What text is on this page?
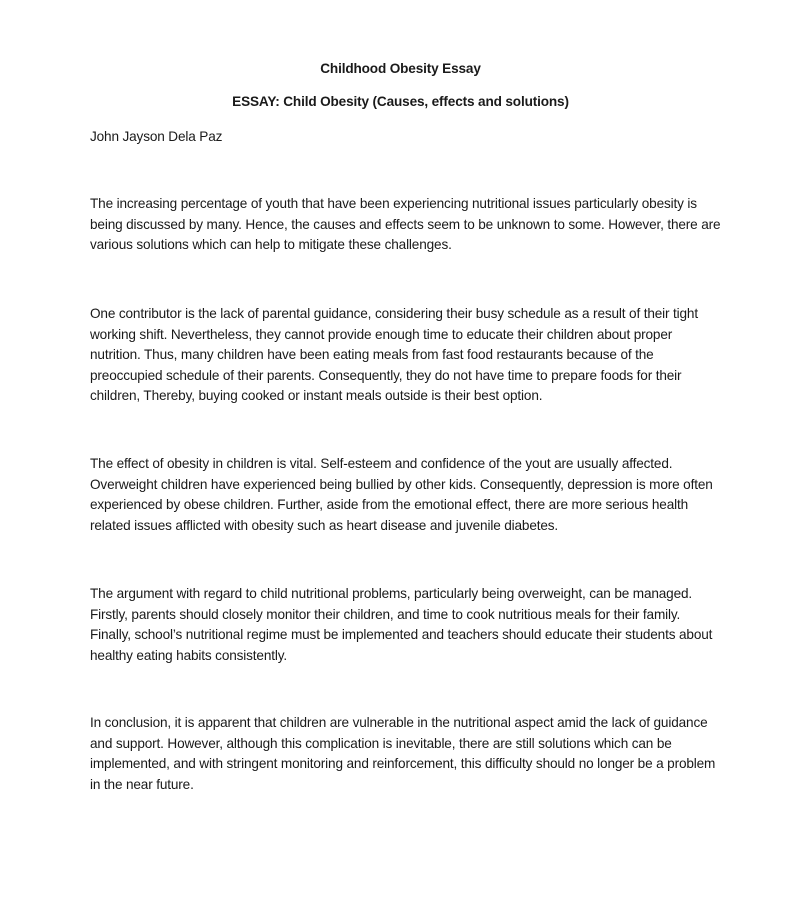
Childhood Obesity Essay

ESSAY: Child Obesity (Causes, effects and solutions)

John Jayson Dela Paz

The increasing percentage of youth that have been experiencing nutritional issues particularly obesity is being discussed by many. Hence, the causes and effects seem to be unknown to some. However, there are various solutions which can help to mitigate these challenges.

One contributor is the lack of parental guidance, considering their busy schedule as a result of their tight working shift. Nevertheless, they cannot provide enough time to educate their children about proper nutrition. Thus, many children have been eating meals from fast food restaurants because of the preoccupied schedule of their parents. Consequently, they do not have time to prepare foods for their children, Thereby, buying cooked or instant meals outside is their best option.

The effect of obesity in children is vital. Self-esteem and confidence of the yout are usually affected. Overweight children have experienced being bullied by other kids. Consequently, depression is more often experienced by obese children. Further, aside from the emotional effect, there are more serious health related issues afflicted with obesity such as heart disease and juvenile diabetes.

The argument with regard to child nutritional problems, particularly being overweight, can be managed. Firstly, parents should closely monitor their children, and time to cook nutritious meals for their family. Finally, school’s nutritional regime must be implemented and teachers should educate their students about healthy eating habits consistently.

In conclusion, it is apparent that children are vulnerable in the nutritional aspect amid the lack of guidance and support. However, although this complication is inevitable, there are still solutions which can be implemented, and with stringent monitoring and reinforcement, this difficulty should no longer be a problem in the near future.
